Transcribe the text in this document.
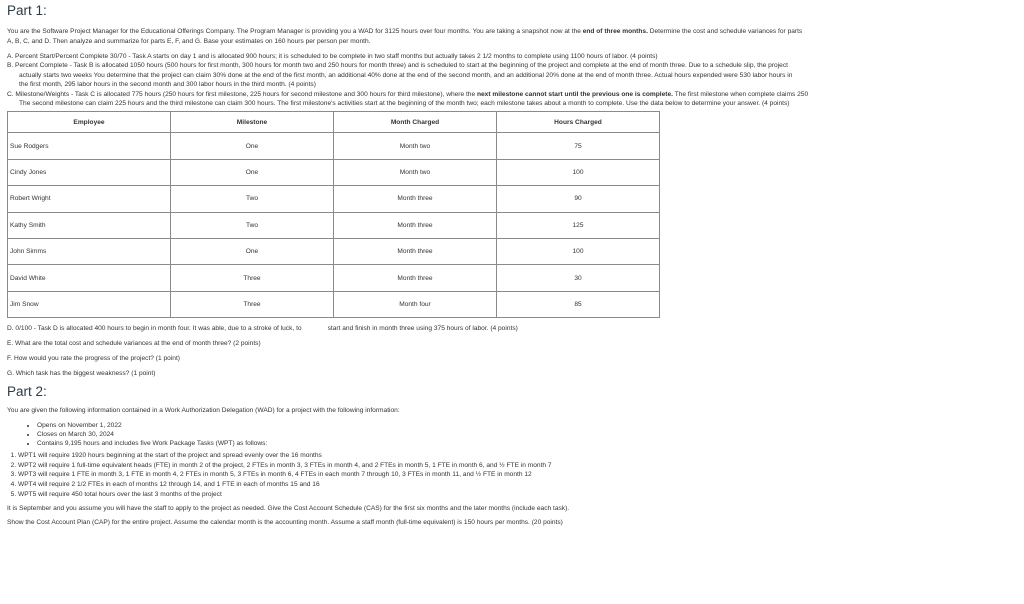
Part 1:

You are the Software Project Manager for the Educational Offerings Company. The Program Manager is providing you a WAD for 3125 hours over four months. You are taking a snapshot now at the end of three months. Determine the cost and schedule variances for parts

A, B, C, and D. Then analyze and summarize for parts E, F, and G. Base your estimates on 160 hours per person per month.

A. Percent Start/Percent Complete 30/70 - Task A starts on day 1 and is allocated 900 hours; it is scheduled to be complete in two staff months but actually takes 2 1/2 months to complete using 1100 hours of labor. (4 points)
B. Percent Complete - Task B is allocated 1050 hours (500 hours for first month, 300 hours for month two and 250 hours for month three) and is scheduled to start at the beginning of the project and complete at the end of month three. Due to a schedule slip, the project
actually starts two weeks You determine that the project can claim 30% done at the end of the first month, an additional 40% done at the end of the second month, and an additional 20% done at the end of month three. Actual hours expended were 530 labor hours in
the first month, 295 labor hours in the second month and 300 labor hours in the third month. (4 points)
C. Milestone/Weights - Task C is allocated 775 hours (250 hours for first milestone, 225 hours for second milestone and 300 hours for third milestone), where the next milestone cannot start until the previous one is complete. The first milestone when complete claims 250
The second milestone can claim 225 hours and the third milestone can claim 300 hours. The first milestone's activities start at the beginning of the month two; each milestone takes about a month to complete. Use the data below to determine your answer. (4 points)
Employee	Milestone	Month Charged	Hours Charged
Sue Rodgers	One	Month two	75
Cindy Jones	One	Month two	100
Robert Wright	Two	Month three	90
Kathy Smith	Two	Month three	125
John Simms	One	Month three	100
David White	Three	Month three	30
Jim Snow	Three	Month four	85
D. 0/100 - Task D is allocated 400 hours to begin in month four. It was able, due to a stroke of luck, to	start and finish in month three using 375 hours of labor. (4 points)
E. What are the total cost and schedule variances at the end of month three? (2 points)
F. How would you rate the progress of the project? (1 point)
G. Which task has the biggest weakness? (1 point)
Part 2:

You are given the following information contained in a Work Authorization Delegation (WAD) for a project with the following information:

• Opens on November 1, 2022
• Closes on March 30, 2024
• Contains 9,195 hours and includes five Work Package Tasks (WPT) as follows:
1. WPT1 will require 1920 hours beginning at the start of the project and spread evenly over the 16 months
2. WPT2 will require 1 full-time equivalent heads (FTE) in month 2 of the project, 2 FTEs in month 3, 3 FTEs in month 4, and 2 FTEs in month 5, 1 FTE in month 6, and ½ FTE in month 7
3. WPT3 will require 1 FTE in month 3, 1 FTE in month 4, 2 FTEs in month 5, 3 FTEs in month 6, 4 FTEs in each month 7 through 10, 3 FTEs in month 11, and ½ FTE in month 12
4. WPT4 will require 2 1/2 FTEs in each of months 12 through 14, and 1 FTE in each of months 15 and 16
5. WPT5 will require 450 total hours over the last 3 months of the project
It is September and you assume you will have the staff to apply to the project as needed. Give the Cost Account Schedule (CAS) for the first six months and the later months (include each task).
Show the Cost Account Plan (CAP) for the entire project. Assume the calendar month is the accounting month. Assume a staff month (full-time equivalent) is 150 hours per months. (20 points)
